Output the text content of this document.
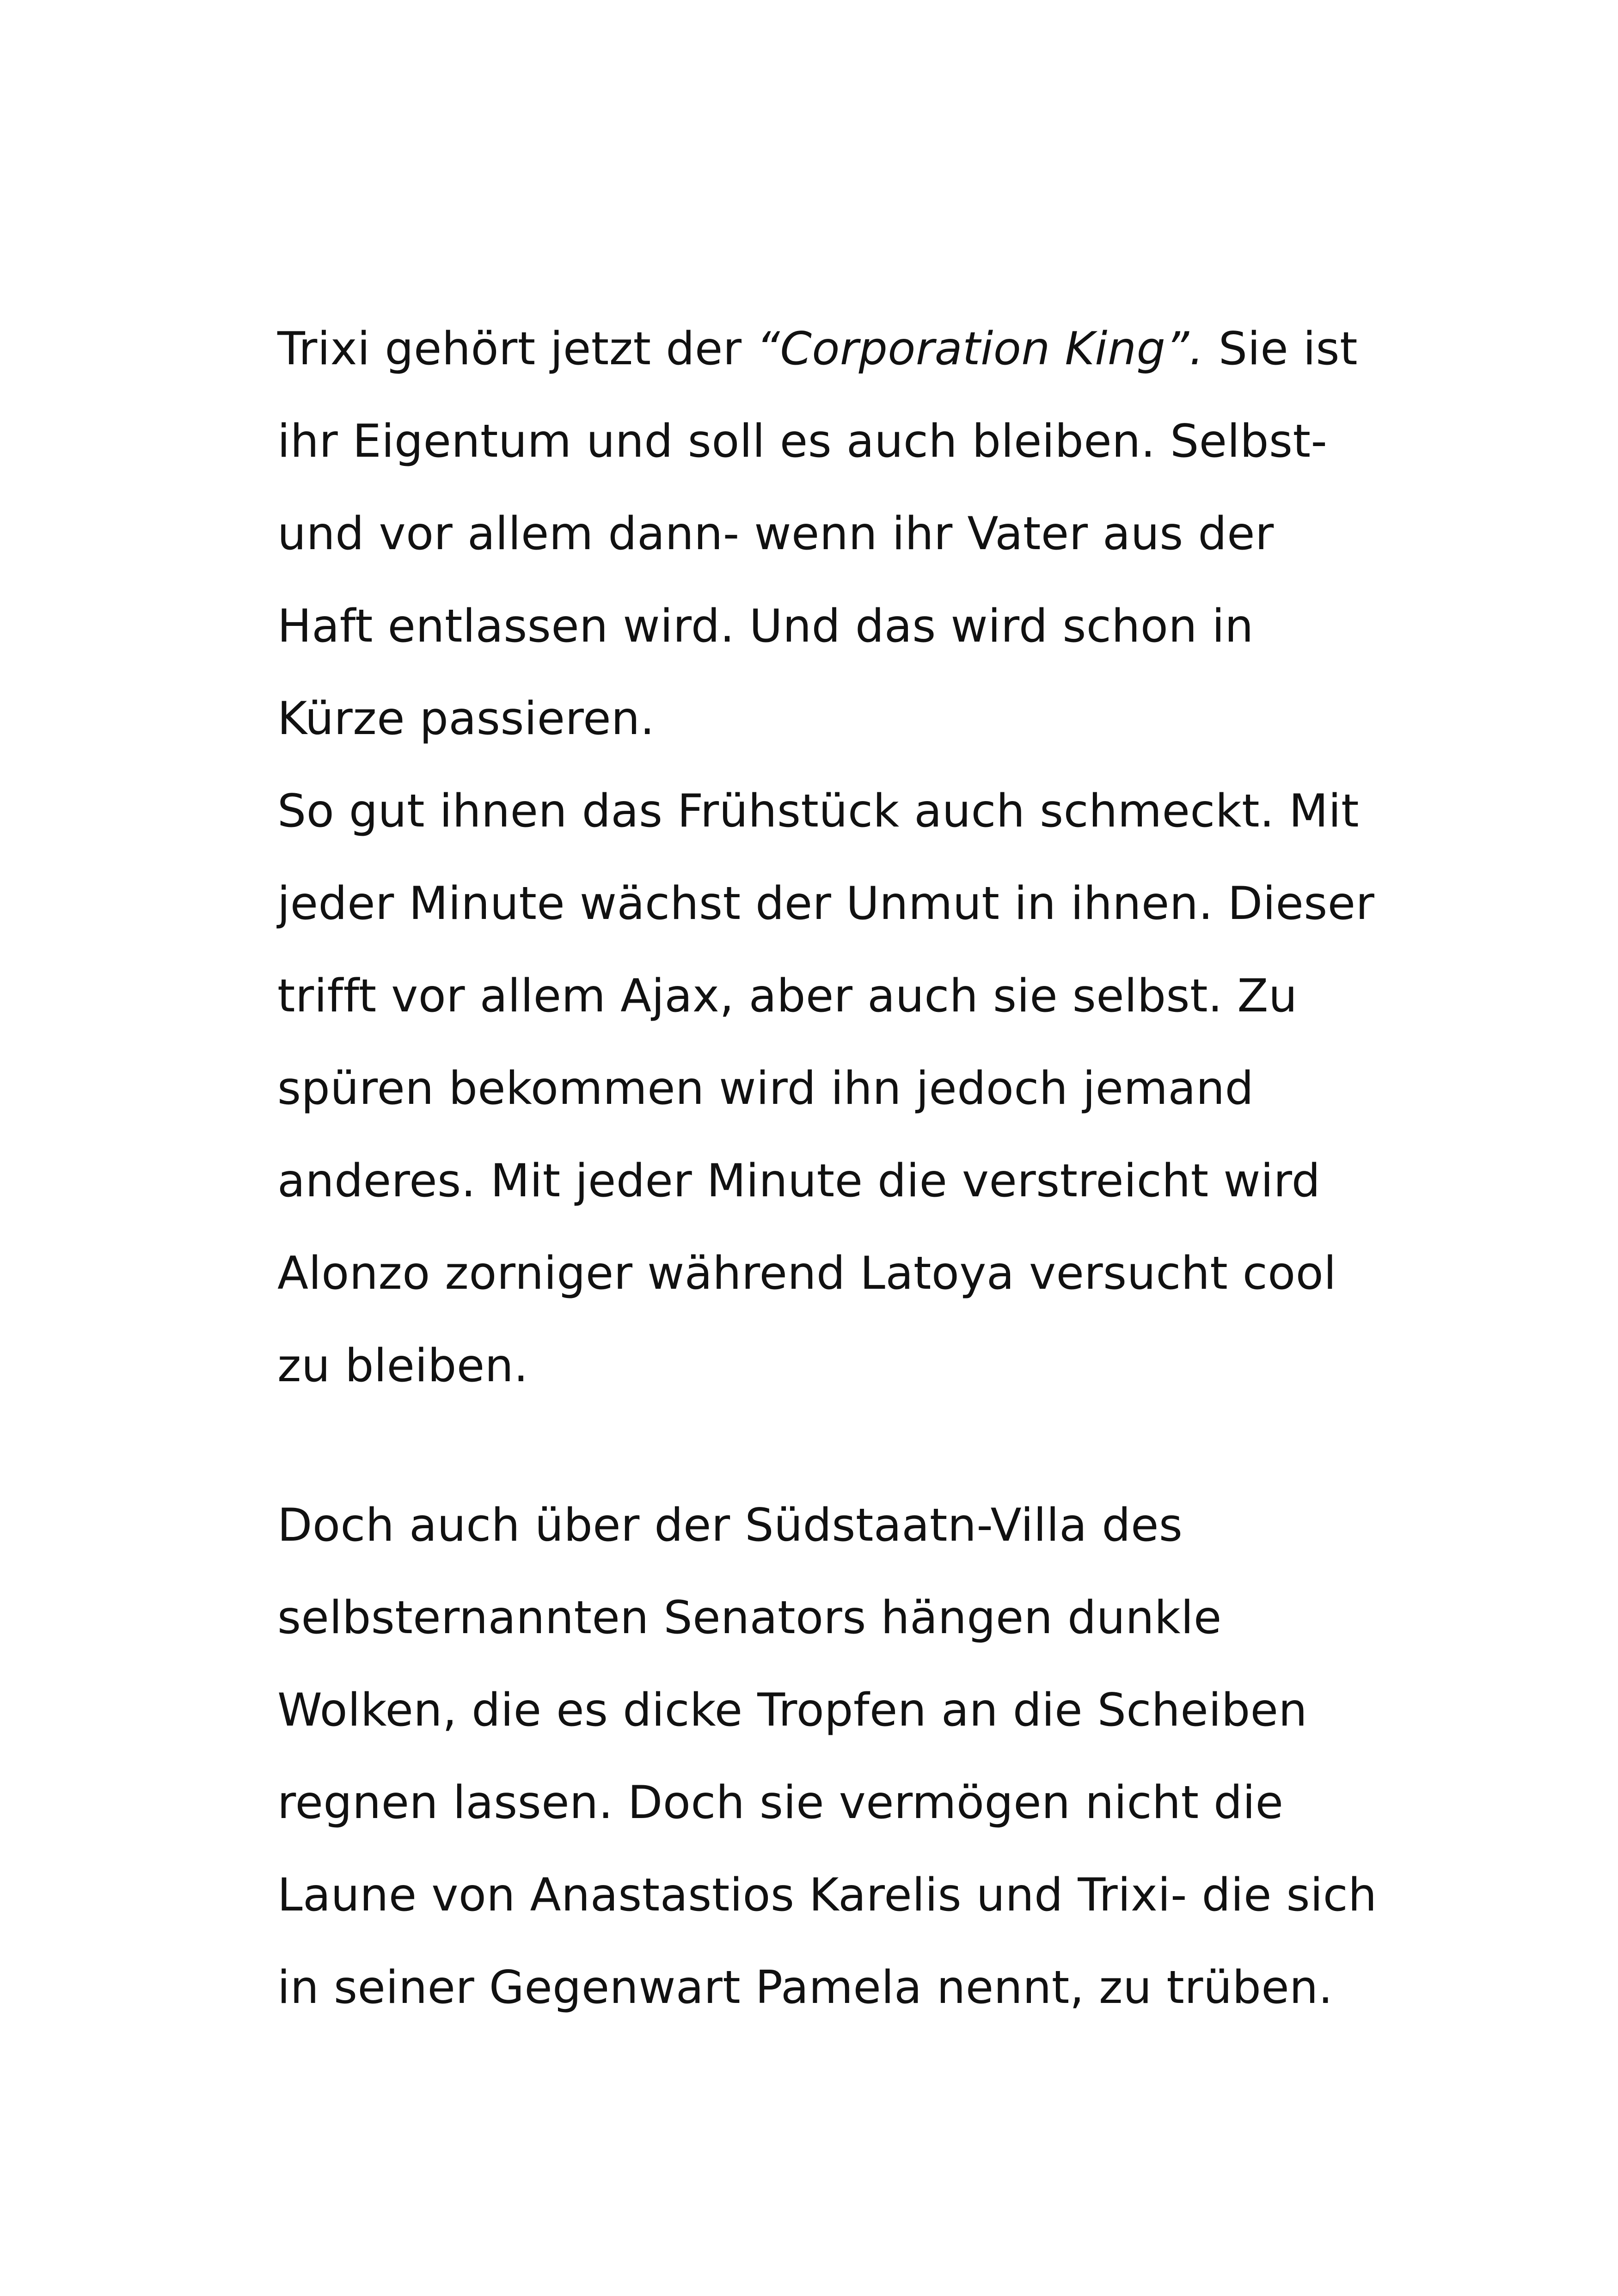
Trixi gehört jetzt der “Corporation King”. Sie ist
ihr Eigentum und soll es auch bleiben. Selbst-
und vor allem dann- wenn ihr Vater aus der
Haft entlassen wird. Und das wird schon in
Kürze passieren.
So gut ihnen das Frühstück auch schmeckt. Mit
jeder Minute wächst der Unmut in ihnen. Dieser
trifft vor allem Ajax, aber auch sie selbst. Zu
spüren bekommen wird ihn jedoch jemand
anderes. Mit jeder Minute die verstreicht wird
Alonzo zorniger während Latoya versucht cool
zu bleiben.
Doch auch über der Südstaatn-Villa des
selbsternannten Senators hängen dunkle
Wolken, die es dicke Tropfen an die Scheiben
regnen lassen. Doch sie vermögen nicht die
Laune von Anastastios Karelis und Trixi- die sich
in seiner Gegenwart Pamela nennt, zu trüben.
